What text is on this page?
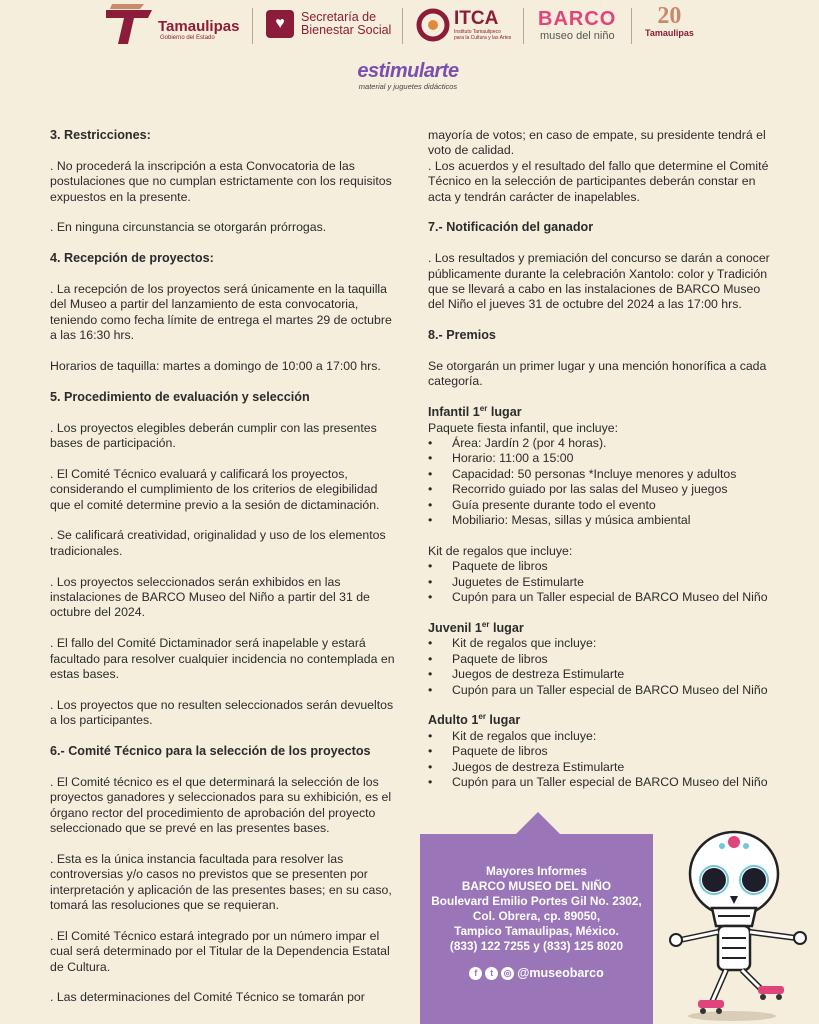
Tamaulipas
Gobierno del Estado
♥	Secretaría de
Bienestar Social
ITCA
Instituto Tamaulipeco
para la Cultura y las Artes
BARCO
museo del niño
20
Tamaulipas
estimularte
material y juguetes didácticos
3. Restricciones:

. No procederá la inscripción a esta Convocatoria de las postulaciones que no cumplan estrictamente con los requisitos expuestos en la presente.

. En ninguna circunstancia se otorgarán prórrogas.

4. Recepción de proyectos:

. La recepción de los proyectos será únicamente en la taquilla del Museo a partir del lanzamiento de esta convocatoria, teniendo como fecha límite de entrega el martes 29 de octubre a las 16:30 hrs.

Horarios de taquilla: martes a domingo de 10:00 a 17:00 hrs.

5. Procedimiento de evaluación y selección

. Los proyectos elegibles deberán cumplir con las presentes bases de participación.

. El Comité Técnico evaluará y calificará los proyectos, considerando el cumplimiento de los criterios de elegibilidad que el comité determine previo a la sesión de dictaminación.

. Se calificará creatividad, originalidad y uso de los elementos tradicionales.

. Los proyectos seleccionados serán exhibidos en las instalaciones de BARCO Museo del Niño a partir del 31 de octubre del 2024.

. El fallo del Comité Dictaminador será inapelable y estará facultado para resolver cualquier incidencia no contemplada en estas bases.

. Los proyectos que no resulten seleccionados serán devueltos a los participantes.

6.- Comité Técnico para la selección de los proyectos

. El Comité técnico es el que determinará la selección de los proyectos ganadores y seleccionados para su exhibición, es el órgano rector del procedimiento de aprobación del proyecto seleccionado que se prevé en las presentes bases.

. Esta es la única instancia facultada para resolver las controversias y/o casos no previstos que se presenten por interpretación y aplicación de las presentes bases; en su caso, tomará las resoluciones que se requieran.

. El Comité Técnico estará integrado por un número impar el cual será determinado por el Titular de la Dependencia Estatal de Cultura.

. Las determinaciones del Comité Técnico se tomarán por

mayoría de votos; en caso de empate, su presidente tendrá el voto de calidad.

. Los acuerdos y el resultado del fallo que determine el Comité Técnico en la selección de participantes deberán constar en acta y tendrán carácter de inapelables.

7.- Notificación del ganador

. Los resultados y premiación del concurso se darán a conocer públicamente durante la celebración Xantolo: color y Tradición que se llevará a cabo en las instalaciones de BARCO Museo del Niño el jueves 31 de octubre del 2024 a las 17:00 hrs.

8.- Premios

Se otorgarán un primer lugar y una mención honorífica a cada categoría.

Infantil 1er lugar
Paquete fiesta infantil, que incluye:
• Área: Jardín 2 (por 4 horas).
• Horario: 11:00 a 15:00
• Capacidad: 50 personas *Incluye menores y adultos
• Recorrido guiado por las salas del Museo y juegos
• Guía presente durante todo el evento
• Mobiliario: Mesas, sillas y música ambiental
Kit de regalos que incluye:
• Paquete de libros
• Juguetes de Estimularte
• Cupón para un Taller especial de BARCO Museo del Niño
Juvenil 1er lugar
• Kit de regalos que incluye:
• Paquete de libros
• Juegos de destreza Estimularte
• Cupón para un Taller especial de BARCO Museo del Niño
Adulto 1er lugar
• Kit de regalos que incluye:
• Paquete de libros
• Juegos de destreza Estimularte
• Cupón para un Taller especial de BARCO Museo del Niño
Mayores Informes
BARCO MUSEO DEL NIÑO
Boulevard Emilio Portes Gil No. 2302,
Col. Obrera, cp. 89050,
Tampico Tamaulipas, México.
(833) 122 7255 y (833) 125 8020
f	t	◎ @museobarco
